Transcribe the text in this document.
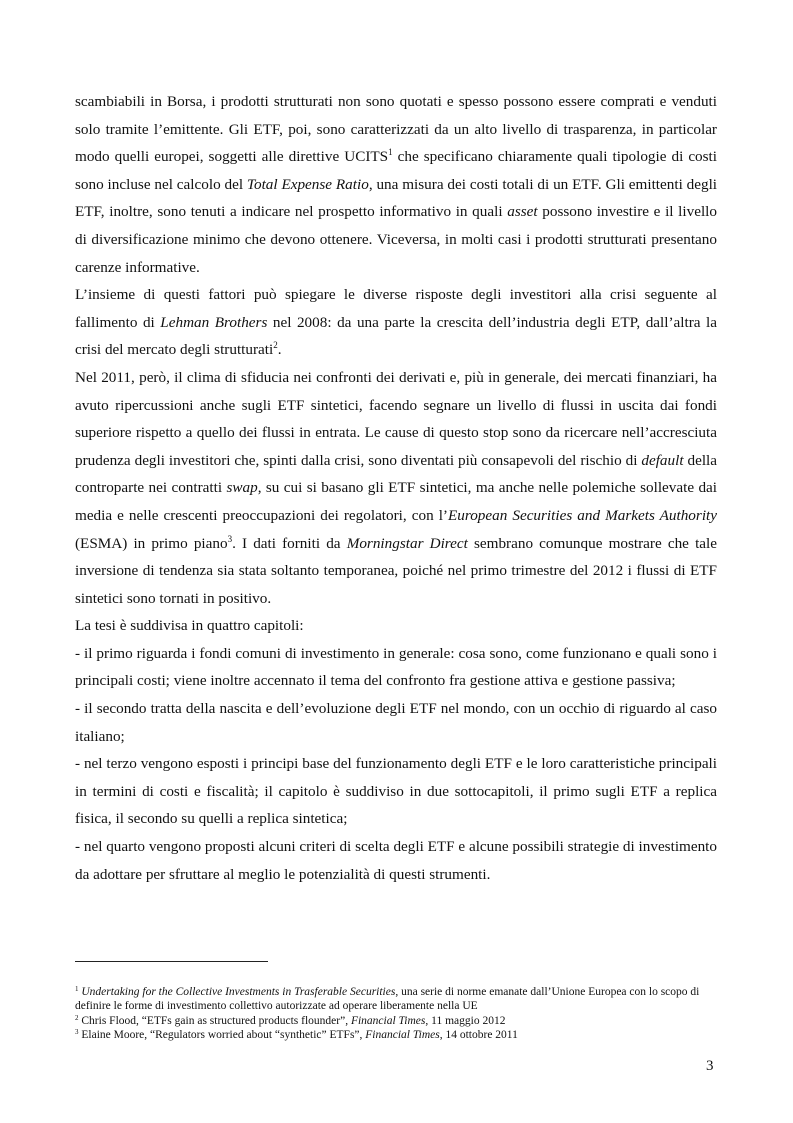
scambiabili in Borsa, i prodotti strutturati non sono quotati e spesso possono essere comprati e venduti solo tramite l’emittente. Gli ETF, poi, sono caratterizzati da un alto livello di trasparenza, in particolar modo quelli europei, soggetti alle direttive UCITS$^1$ che specificano chiaramente quali tipologie di costi sono incluse nel calcolo del Total Expense Ratio, una misura dei costi totali di un ETF. Gli emittenti degli ETF, inoltre, sono tenuti a indicare nel prospetto informativo in quali asset possono investire e il livello di diversificazione minimo che devono ottenere. Viceversa, in molti casi i prodotti strutturati presentano carenze informative.

L’insieme di questi fattori può spiegare le diverse risposte degli investitori alla crisi seguente al fallimento di Lehman Brothers nel 2008: da una parte la crescita dell’industria degli ETP, dall’altra la crisi del mercato degli strutturati$^2$.

Nel 2011, però, il clima di sfiducia nei confronti dei derivati e, più in generale, dei mercati finanziari, ha avuto ripercussioni anche sugli ETF sintetici, facendo segnare un livello di flussi in uscita dai fondi superiore rispetto a quello dei flussi in entrata. Le cause di questo stop sono da ricercare nell’accresciuta prudenza degli investitori che, spinti dalla crisi, sono diventati più consapevoli del rischio di default della controparte nei contratti swap, su cui si basano gli ETF sintetici, ma anche nelle polemiche sollevate dai media e nelle crescenti preoccupazioni dei regolatori, con l’European Securities and Markets Authority (ESMA) in primo piano$^3$. I dati forniti da Morningstar Direct sembrano comunque mostrare che tale inversione di tendenza sia stata soltanto temporanea, poiché nel primo trimestre del 2012 i flussi di ETF sintetici sono tornati in positivo.

La tesi è suddivisa in quattro capitoli:

- il primo riguarda i fondi comuni di investimento in generale: cosa sono, come funzionano e quali sono i principali costi; viene inoltre accennato il tema del confronto fra gestione attiva e gestione passiva;

- il secondo tratta della nascita e dell’evoluzione degli ETF nel mondo, con un occhio di riguardo al caso italiano;

- nel terzo vengono esposti i principi base del funzionamento degli ETF e le loro caratteristiche principali in termini di costi e fiscalità; il capitolo è suddiviso in due sottocapitoli, il primo sugli ETF a replica fisica, il secondo su quelli a replica sintetica;

- nel quarto vengono proposti alcuni criteri di scelta degli ETF e alcune possibili strategie di investimento da adottare per sfruttare al meglio le potenzialità di questi strumenti.

$^1$ Undertaking for the Collective Investments in Trasferable Securities, una serie di norme emanate dall’Unione Europea con lo scopo di definire le forme di investimento collettivo autorizzate ad operare liberamente nella UE

$^2$ Chris Flood, “ETFs gain as structured products flounder”, Financial Times, 11 maggio 2012

$^3$ Elaine Moore, “Regulators worried about “synthetic” ETFs”, Financial Times, 14 ottobre 2011

3
